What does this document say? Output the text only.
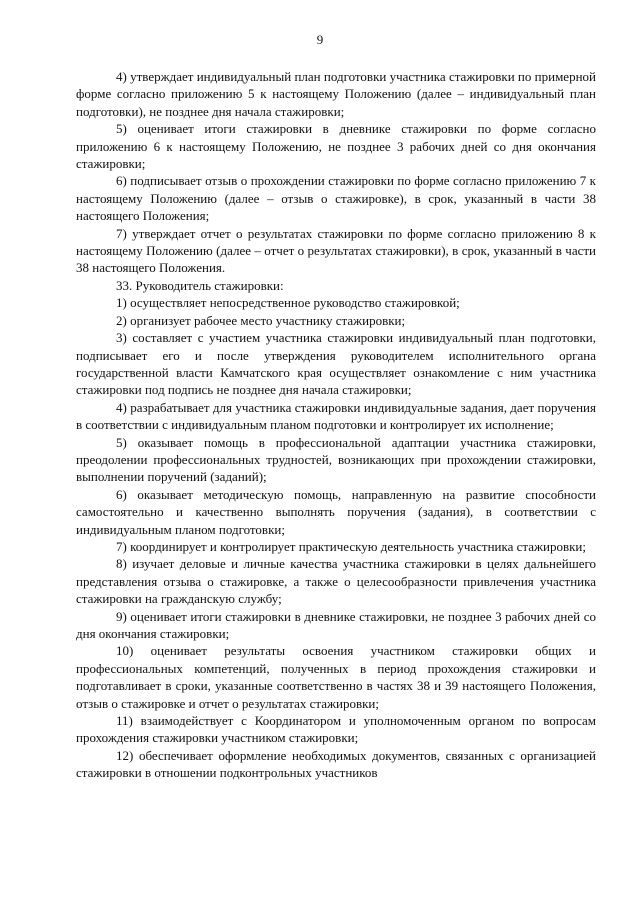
9

4) утверждает индивидуальный план подготовки участника стажировки по примерной форме согласно приложению 5 к настоящему Положению (далее – индивидуальный план подготовки), не позднее дня начала стажировки;

5) оценивает итоги стажировки в дневнике стажировки по форме согласно приложению 6 к настоящему Положению, не позднее 3 рабочих дней со дня окончания стажировки;

6) подписывает отзыв о прохождении стажировки по форме согласно приложению 7 к настоящему Положению (далее – отзыв о стажировке), в срок, указанный в части 38 настоящего Положения;

7) утверждает отчет о результатах стажировки по форме согласно приложению 8 к настоящему Положению (далее – отчет о результатах стажировки), в срок, указанный в части 38 настоящего Положения.

33. Руководитель стажировки:

1) осуществляет непосредственное руководство стажировкой;

2) организует рабочее место участнику стажировки;

3) составляет с участием участника стажировки индивидуальный план подготовки, подписывает его и после утверждения руководителем исполнительного органа государственной власти Камчатского края осуществляет ознакомление с ним участника стажировки под подпись не позднее дня начала стажировки;

4) разрабатывает для участника стажировки индивидуальные задания, дает поручения в соответствии с индивидуальным планом подготовки и контролирует их исполнение;

5) оказывает помощь в профессиональной адаптации участника стажировки, преодолении профессиональных трудностей, возникающих при прохождении стажировки, выполнении поручений (заданий);

6) оказывает методическую помощь, направленную на развитие способности самостоятельно и качественно выполнять поручения (задания), в соответствии с индивидуальным планом подготовки;

7) координирует и контролирует практическую деятельность участника стажировки;

8) изучает деловые и личные качества участника стажировки в целях дальнейшего представления отзыва о стажировке, а также о целесообразности привлечения участника стажировки на гражданскую службу;

9) оценивает итоги стажировки в дневнике стажировки, не позднее 3 рабочих дней со дня окончания стажировки;

10) оценивает результаты освоения участником стажировки общих и профессиональных компетенций, полученных в период прохождения стажировки и подготавливает в сроки, указанные соответственно в частях 38 и 39 настоящего Положения, отзыв о стажировке и отчет о результатах стажировки;

11) взаимодействует с Координатором и уполномоченным органом по вопросам прохождения стажировки участником стажировки;

12) обеспечивает оформление необходимых документов, связанных с организацией стажировки в отношении подконтрольных участников
